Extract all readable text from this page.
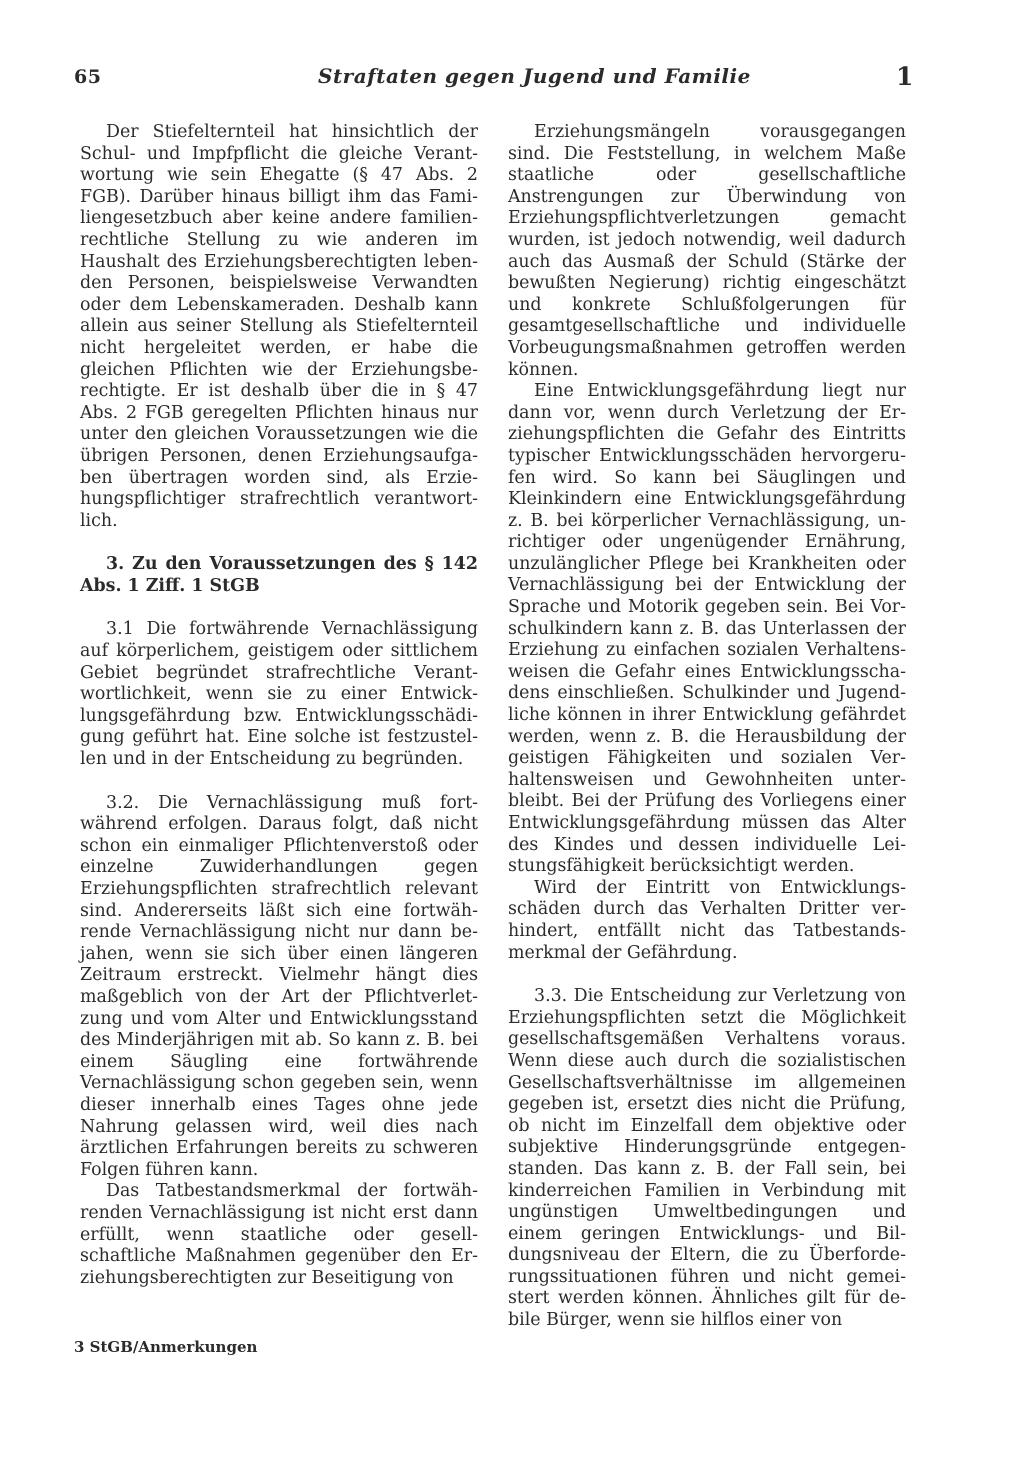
65	Straftaten gegen Jugend und Familie	1

Der Stiefelternteil hat hinsichtlich der Schul- und Impfpflicht die gleiche Verantwortung wie sein Ehegatte (§ 47 Abs. 2 FGB). Darüber hinaus billigt ihm das Familiengesetzbuch aber keine andere familienrechtliche Stellung zu wie anderen im Haushalt des Erziehungsberechtigten lebenden Personen, beispielsweise Verwandten oder dem Lebenskameraden. Deshalb kann allein aus seiner Stellung als Stiefelternteil nicht hergeleitet werden, er habe die gleichen Pflichten wie der Erziehungsberechtigte. Er ist deshalb über die in § 47 Abs. 2 FGB geregelten Pflichten hinaus nur unter den gleichen Voraussetzungen wie die übrigen Personen, denen Erziehungsaufgaben übertragen worden sind, als Erziehungspflichtiger strafrechtlich verantwortlich.

3. Zu den Voraussetzungen des § 142 Abs. 1 Ziff. 1 StGB

3.1 Die fortwährende Vernachlässigung auf körperlichem, geistigem oder sittlichem Gebiet begründet strafrechtliche Verantwortlichkeit, wenn sie zu einer Entwicklungsgefährdung bzw. Entwicklungsschädigung geführt hat. Eine solche ist festzustellen und in der Entscheidung zu begründen.

3.2. Die Vernachlässigung muß fortwährend erfolgen. Daraus folgt, daß nicht schon ein einmaliger Pflichtenverstoß oder einzelne Zuwiderhandlungen gegen Erziehungspflichten strafrechtlich relevant sind. Andererseits läßt sich eine fortwährende Vernachlässigung nicht nur dann bejahen, wenn sie sich über einen längeren Zeitraum erstreckt. Vielmehr hängt dies maßgeblich von der Art der Pflichtverletzung und vom Alter und Entwicklungsstand des Minderjährigen mit ab. So kann z. B. bei einem Säugling eine fortwährende Vernachlässigung schon gegeben sein, wenn dieser innerhalb eines Tages ohne jede Nahrung gelassen wird, weil dies nach ärztlichen Erfahrungen bereits zu schweren Folgen führen kann.

Das Tatbestandsmerkmal der fortwährenden Vernachlässigung ist nicht erst dann erfüllt, wenn staatliche oder gesellschaftliche Maßnahmen gegenüber den Erziehungsberechtigten zur Beseitigung von

Erziehungsmängeln vorausgegangen sind. Die Feststellung, in welchem Maße staatliche oder gesellschaftliche Anstrengungen zur Überwindung von Erziehungspflichtverletzungen gemacht wurden, ist jedoch notwendig, weil dadurch auch das Ausmaß der Schuld (Stärke der bewußten Negierung) richtig eingeschätzt und konkrete Schlußfolgerungen für gesamtgesellschaftliche und individuelle Vorbeugungsmaßnahmen getroffen werden können.

Eine Entwicklungsgefährdung liegt nur dann vor, wenn durch Verletzung der Erziehungspflichten die Gefahr des Eintritts typischer Entwicklungsschäden hervorgerufen wird. So kann bei Säuglingen und Kleinkindern eine Entwicklungsgefährdung z. B. bei körperlicher Vernachlässigung, unrichtiger oder ungenügender Ernährung, unzulänglicher Pflege bei Krankheiten oder Vernachlässigung bei der Entwicklung der Sprache und Motorik gegeben sein. Bei Vorschulkindern kann z. B. das Unterlassen der Erziehung zu einfachen sozialen Verhaltensweisen die Gefahr eines Entwicklungsschadens einschließen. Schulkinder und Jugendliche können in ihrer Entwicklung gefährdet werden, wenn z. B. die Herausbildung der geistigen Fähigkeiten und sozialen Verhaltensweisen und Gewohnheiten unterbleibt. Bei der Prüfung des Vorliegens einer Entwicklungsgefährdung müssen das Alter des Kindes und dessen individuelle Leistungsfähigkeit berücksichtigt werden.

Wird der Eintritt von Entwicklungsschäden durch das Verhalten Dritter verhindert, entfällt nicht das Tatbestandsmerkmal der Gefährdung.

3.3. Die Entscheidung zur Verletzung von Erziehungspflichten setzt die Möglichkeit gesellschaftsgemäßen Verhaltens voraus. Wenn diese auch durch die sozialistischen Gesellschaftsverhältnisse im allgemeinen gegeben ist, ersetzt dies nicht die Prüfung, ob nicht im Einzelfall dem objektive oder subjektive Hinderungsgründe entgegenstanden. Das kann z. B. der Fall sein, bei kinderreichen Familien in Verbindung mit ungünstigen Umweltbedingungen und einem geringen Entwicklungs- und Bildungsniveau der Eltern, die zu Überforderungssituationen führen und nicht gemeistert werden können. Ähnliches gilt für debile Bürger, wenn sie hilflos einer von

3 StGB/Anmerkungen
